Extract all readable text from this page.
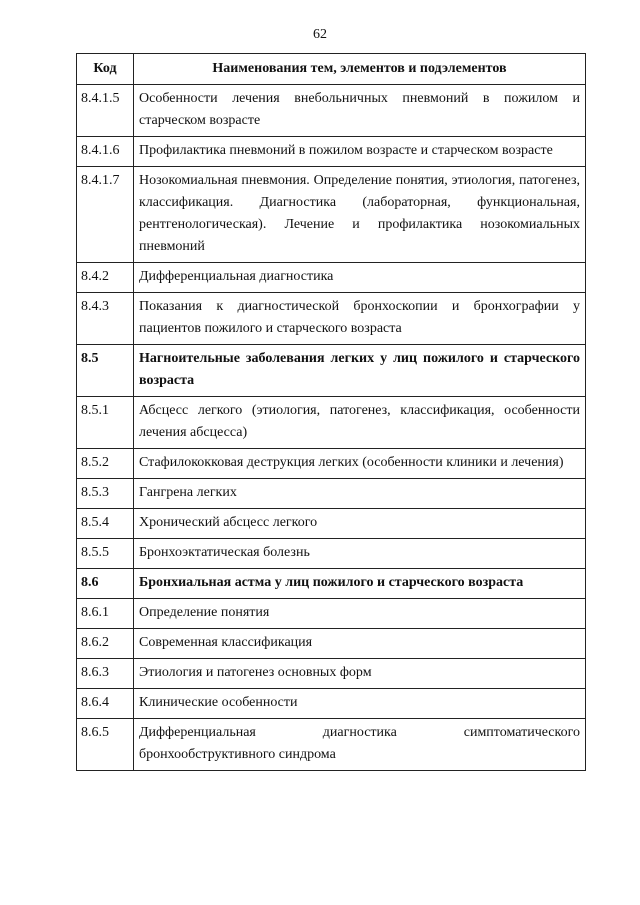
62
Код	Наименования тем, элементов и подэлементов
8.4.1.5	Особенности лечения внебольничных пневмоний в пожилом и старческом возрасте
8.4.1.6	Профилактика пневмоний в пожилом возрасте и старческом возрасте
8.4.1.7	Нозокомиальная пневмония. Определение понятия, этиология, патогенез, классификация. Диагностика (лабораторная, функциональная, рентгенологическая). Лечение и профилактика нозокомиальных пневмоний
8.4.2	Дифференциальная диагностика
8.4.3	Показания к диагностической бронхоскопии и бронхографии у пациентов пожилого и старческого возраста
8.5	Нагноительные заболевания легких у лиц пожилого и старческого возраста
8.5.1	Абсцесс легкого (этиология, патогенез, классификация, особенности лечения абсцесса)
8.5.2	Стафилококковая деструкция легких (особенности клиники и лечения)
8.5.3	Гангрена легких
8.5.4	Хронический абсцесс легкого
8.5.5	Бронхоэктатическая болезнь
8.6	Бронхиальная астма у лиц пожилого и старческого возраста
8.6.1	Определение понятия
8.6.2	Современная классификация
8.6.3	Этиология и патогенез основных форм
8.6.4	Клинические особенности
8.6.5	Дифференциальная диагностика симптоматического бронхообструктивного синдрома
